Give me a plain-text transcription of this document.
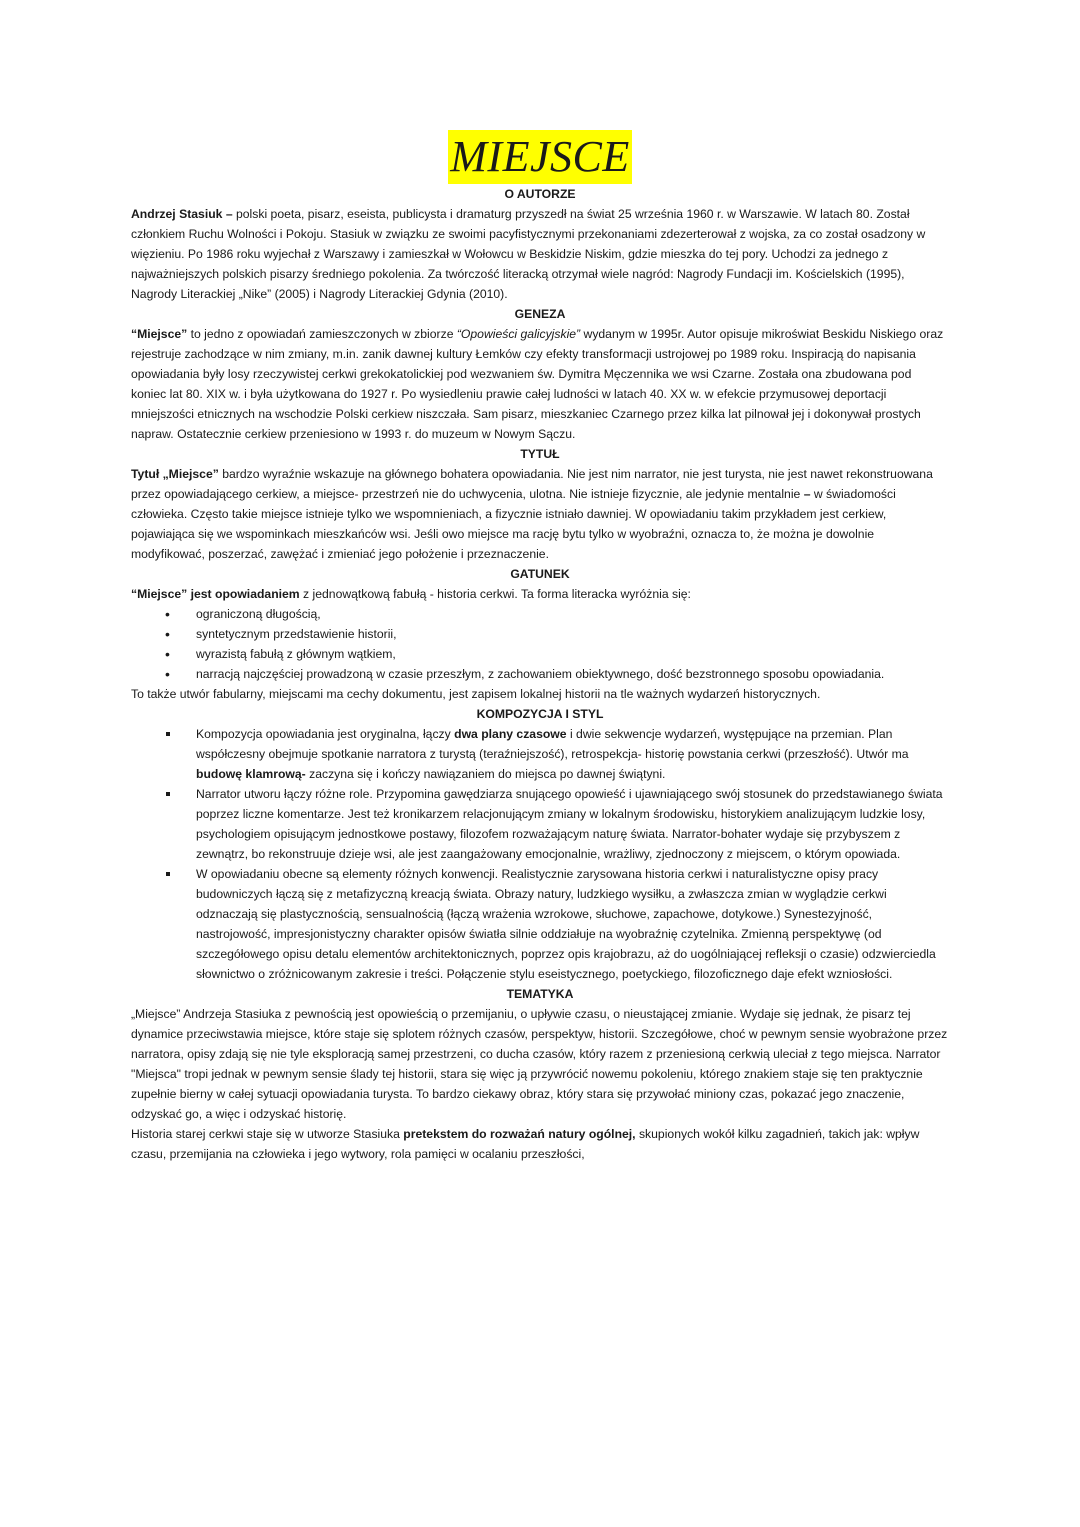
MIEJSCE
O AUTORZE

Andrzej Stasiuk – polski poeta, pisarz, eseista, publicysta i dramaturg przyszedł na świat 25 września 1960 r. w Warszawie. W latach 80. Został członkiem Ruchu Wolności i Pokoju. Stasiuk w związku ze swoimi pacyfistycznymi przekonaniami zdezerterował z wojska, za co został osadzony w więzieniu. Po 1986 roku wyjechał z Warszawy i zamieszkał w Wołowcu w Beskidzie Niskim, gdzie mieszka do tej pory. Uchodzi za jednego z najważniejszych polskich pisarzy średniego pokolenia. Za twórczość literacką otrzymał wiele nagród: Nagrody Fundacji im. Kościelskich (1995), Nagrody Literackiej „Nike” (2005) i Nagrody Literackiej Gdynia (2010).

GENEZA

“Miejsce” to jedno z opowiadań zamieszczonych w zbiorze “Opowieści galicyjskie” wydanym w 1995r. Autor opisuje mikroświat Beskidu Niskiego oraz rejestruje zachodzące w nim zmiany, m.in. zanik dawnej kultury Łemków czy efekty transformacji ustrojowej po 1989 roku. Inspiracją do napisania opowiadania były losy rzeczywistej cerkwi grekokatolickiej pod wezwaniem św. Dymitra Męczennika we wsi Czarne. Została ona zbudowana pod koniec lat 80. XIX w. i była użytkowana do 1927 r. Po wysiedleniu prawie całej ludności w latach 40. XX w. w efekcie przymusowej deportacji mniejszości etnicznych na wschodzie Polski cerkiew niszczała. Sam pisarz, mieszkaniec Czarnego przez kilka lat pilnował jej i dokonywał prostych napraw. Ostatecznie cerkiew przeniesiono w 1993 r. do muzeum w Nowym Sączu.

TYTUŁ

Tytuł „Miejsce” bardzo wyraźnie wskazuje na głównego bohatera opowiadania. Nie jest nim narrator, nie jest turysta, nie jest nawet rekonstruowana przez opowiadającego cerkiew, a miejsce- przestrzeń nie do uchwycenia, ulotna. Nie istnieje fizycznie, ale jedynie mentalnie – w świadomości człowieka. Często takie miejsce istnieje tylko we wspomnieniach, a fizycznie istniało dawniej. W opowiadaniu takim przykładem jest cerkiew, pojawiająca się we wspominkach mieszkańców wsi. Jeśli owo miejsce ma rację bytu tylko w wyobraźni, oznacza to, że można je dowolnie modyfikować, poszerzać, zawężać i zmieniać jego położenie i przeznaczenie.

GATUNEK

“Miejsce” jest opowiadaniem z jednowątkową fabułą - historia cerkwi. Ta forma literacka wyróżnia się:

• ograniczoną długością,
• syntetycznym przedstawienie historii,
• wyrazistą fabułą z głównym wątkiem,
• narracją najczęściej prowadzoną w czasie przeszłym, z zachowaniem obiektywnego, dość bezstronnego sposobu opowiadania.

To także utwór fabularny, miejscami ma cechy dokumentu, jest zapisem lokalnej historii na tle ważnych wydarzeń historycznych.

KOMPOZYCJA I STYL
Kompozycja opowiadania jest oryginalna, łączy dwa plany czasowe i dwie sekwencje wydarzeń, występujące na przemian. Plan współczesny obejmuje spotkanie narratora z turystą (teraźniejszość), retrospekcja- historię powstania cerkwi (przeszłość). Utwór ma budowę klamrową- zaczyna się i kończy nawiązaniem do miejsca po dawnej świątyni.
Narrator utworu łączy różne role. Przypomina gawędziarza snującego opowieść i ujawniającego swój stosunek do przedstawianego świata poprzez liczne komentarze. Jest też kronikarzem relacjonującym zmiany w lokalnym środowisku, historykiem analizującym ludzkie losy, psychologiem opisującym jednostkowe postawy, filozofem rozważającym naturę świata. Narrator-bohater wydaje się przybyszem z zewnątrz, bo rekonstruuje dzieje wsi, ale jest zaangażowany emocjonalnie, wrażliwy, zjednoczony z miejscem, o którym opowiada.
W opowiadaniu obecne są elementy różnych konwencji. Realistycznie zarysowana historia cerkwi i naturalistyczne opisy pracy budowniczych łączą się z metafizyczną kreacją świata. Obrazy natury, ludzkiego wysiłku, a zwłaszcza zmian w wyglądzie cerkwi odznaczają się plastycznością, sensualnością (łączą wrażenia wzrokowe, słuchowe, zapachowe, dotykowe.) Synestezyjność, nastrojowość, impresjonistyczny charakter opisów światła silnie oddziałuje na wyobraźnię czytelnika. Zmienną perspektywę (od szczegółowego opisu detalu elementów architektonicznych, poprzez opis krajobrazu, aż do uogólniającej refleksji o czasie) odzwierciedla słownictwo o zróżnicowanym zakresie i treści. Połączenie stylu eseistycznego, poetyckiego, filozoficznego daje efekt wzniosłości.
TEMATYKA

„Miejsce” Andrzeja Stasiuka z pewnością jest opowieścią o przemijaniu, o upływie czasu, o nieustającej zmianie. Wydaje się jednak, że pisarz tej dynamice przeciwstawia miejsce, które staje się splotem różnych czasów, perspektyw, historii. Szczegółowe, choć w pewnym sensie wyobrażone przez narratora, opisy zdają się nie tyle eksploracją samej przestrzeni, co ducha czasów, który razem z przeniesioną cerkwią uleciał z tego miejsca. Narrator "Miejsca" tropi jednak w pewnym sensie ślady tej historii, stara się więc ją przywrócić nowemu pokoleniu, którego znakiem staje się ten praktycznie zupełnie bierny w całej sytuacji opowiadania turysta. To bardzo ciekawy obraz, który stara się przywołać miniony czas, pokazać jego znaczenie, odzyskać go, a więc i odzyskać historię.

Historia starej cerkwi staje się w utworze Stasiuka pretekstem do rozważań natury ogólnej, skupionych wokół kilku zagadnień, takich jak: wpływ czasu, przemijania na człowieka i jego wytwory, rola pamięci w ocalaniu przeszłości,
